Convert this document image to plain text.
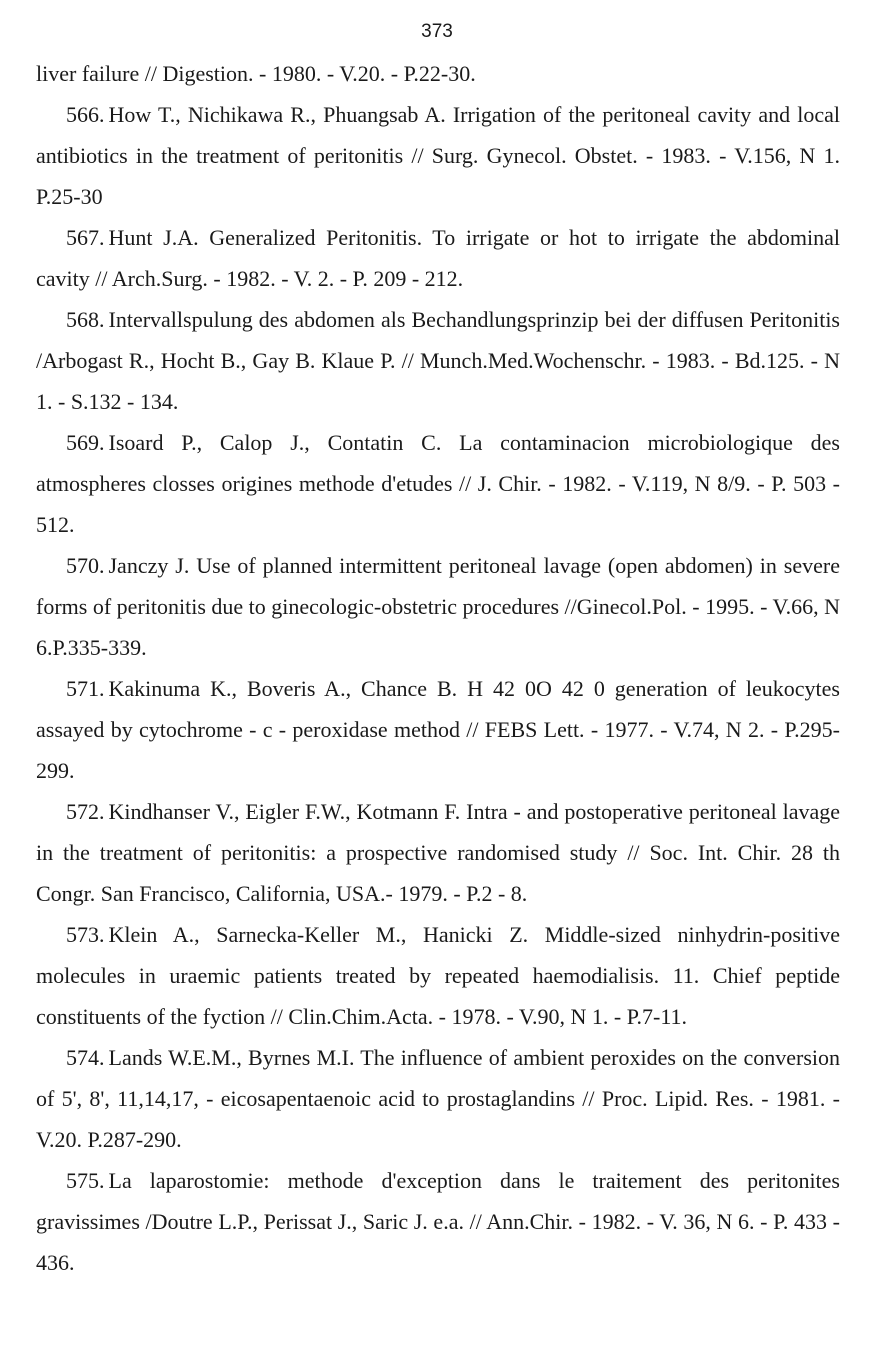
373

liver failure // Digestion. - 1980. - V.20. - P.22-30.

566. How T., Nichikawa R., Phuangsab A. Irrigation of the peritoneal cavity and local antibiotics in the treatment of peritonitis // Surg. Gynecol. Obstet. - 1983. - V.156, N 1. P.25-30

567. Hunt J.A. Generalized Peritonitis. To irrigate or hot to irrigate the abdominal cavity // Arch.Surg. - 1982. - V. 2. - P. 209 - 212.

568. Intervallspulung des abdomen als Bechandlungsprinzip bei der diffusen Peritonitis /Arbogast R., Hocht B., Gay B. Klaue P. // Munch.Med.Wochenschr. - 1983. - Bd.125. - N 1. - S.132 - 134.

569. Isoard P., Calop J., Contatin C. La contaminacion microbiologique des atmospheres closses origines methode d'etudes // J. Chir. - 1982. - V.119, N 8/9. - P. 503 - 512.

570. Janczy J. Use of planned intermittent peritoneal lavage (open abdomen) in severe forms of peritonitis due to ginecologic-obstetric procedures //Ginecol.Pol. - 1995. - V.66, N 6.P.335-339.

571. Kakinuma K., Boveris A., Chance B. H 42 0O 42 0 generation of leukocytes assayed by cytochrome - c - peroxidase method // FEBS Lett. - 1977. - V.74, N 2. - P.295-299.

572. Kindhanser V., Eigler F.W., Kotmann F. Intra - and postoperative peritoneal lavage in the treatment of peritonitis: a prospective randomised study // Soc. Int. Chir. 28 th Congr. San Francisco, California, USA.- 1979. - P.2 - 8.

573. Klein A., Sarnecka-Keller M., Hanicki Z. Middle-sized ninhydrin-positive molecules in uraemic patients treated by repeated haemodialisis. 11. Chief peptide constituents of the fyction // Clin.Chim.Acta. - 1978. - V.90, N 1. - P.7-11.

574. Lands W.E.M., Byrnes M.I. The influence of ambient peroxides on the conversion of 5', 8', 11,14,17, - eicosapentaenoic acid to prostaglandins // Proc. Lipid. Res. - 1981. - V.20. P.287-290.

575. La laparostomie: methode d'exception dans le traitement des peritonites gravissimes /Doutre L.P., Perissat J., Saric J. e.a. // Ann.Chir. - 1982. - V. 36, N 6. - P. 433 - 436.
